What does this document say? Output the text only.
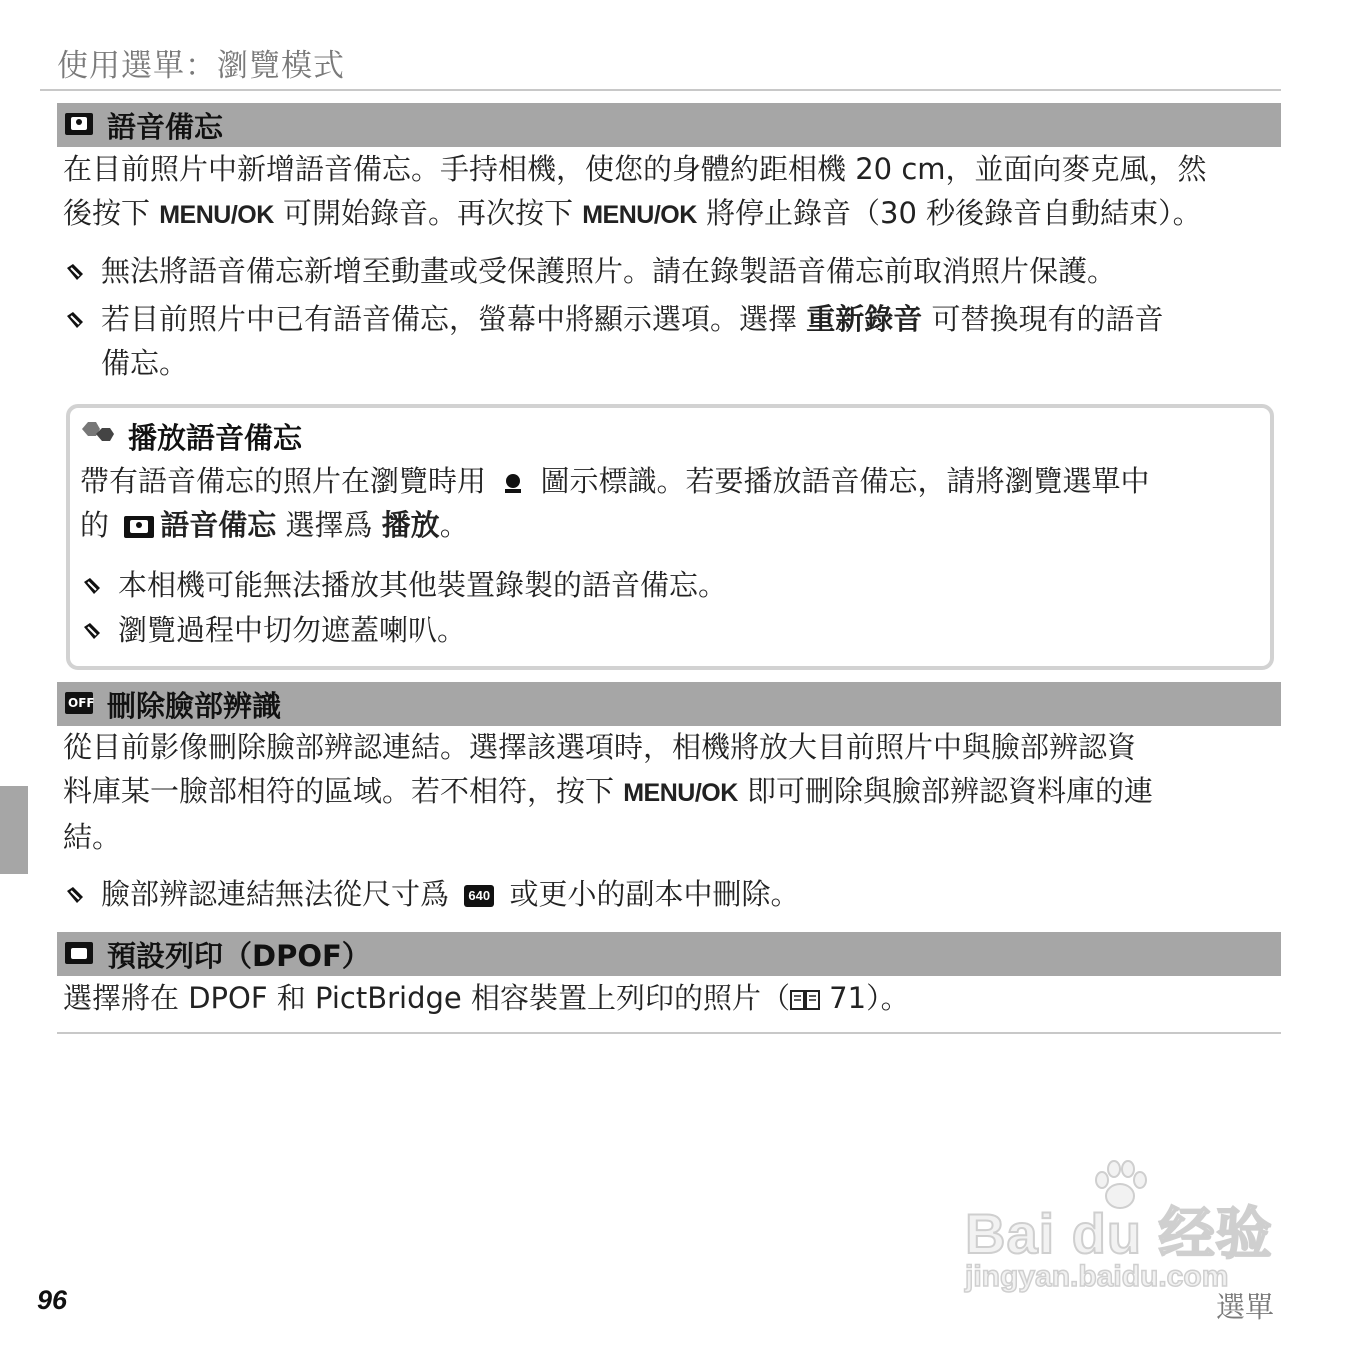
使用選單：瀏覽模式
語音備忘
在目前照片中新增語音備忘。手持相機，使您的身體約距相機 20 cm，並面向麥克風，然
後按下 MENU/OK 可開始錄音。再次按下 MENU/OK 將停止錄音（30 秒後錄音自動結束）。
無法將語音備忘新增至動畫或受保護照片。請在錄製語音備忘前取消照片保護。
若目前照片中已有語音備忘，螢幕中將顯示選項。選擇 重新錄音 可替換現有的語音
備忘。
播放語音備忘
帶有語音備忘的照片在瀏覽時用  圖示標識。若要播放語音備忘，請將瀏覽選單中
的
語音備忘 選擇爲 播放。
本相機可能無法播放其他裝置錄製的語音備忘。
瀏覽過程中切勿遮蓋喇叭。
OFF 刪除臉部辨識
從目前影像刪除臉部辨認連結。選擇該選項時，相機將放大目前照片中與臉部辨認資
料庫某一臉部相符的區域。若不相符，按下 MENU/OK 即可刪除與臉部辨認資料庫的連
結。
臉部辨認連結無法從尺寸爲 640 或更小的副本中刪除。
預設列印（DPOF）
選擇將在 DPOF 和 PictBridge 相容裝置上列印的照片（ 71）。
Bai du 经验
jingyan.baidu.com
96	選單
